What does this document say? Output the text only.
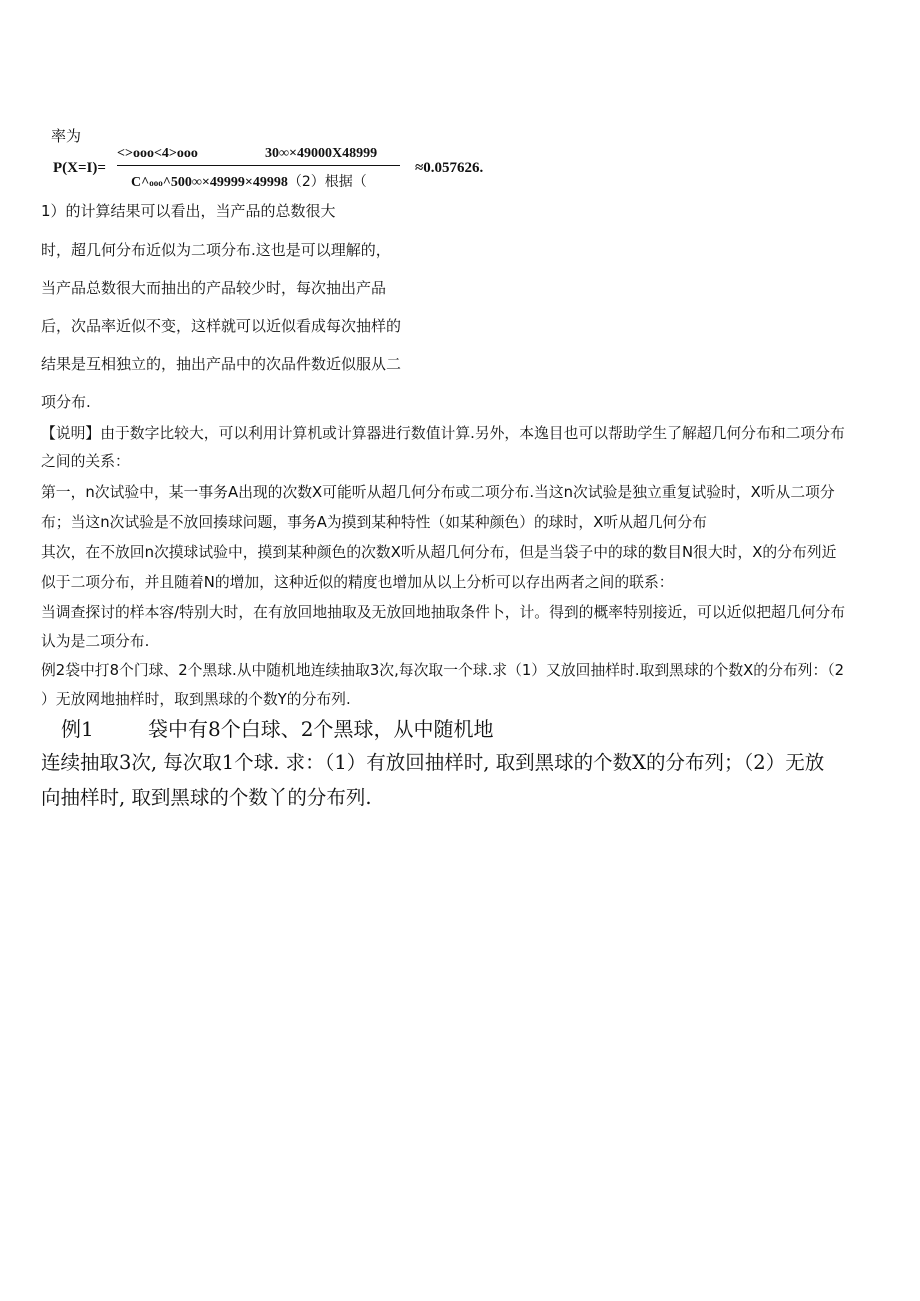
率为
P(X=I)=
<>ooo<4>ooo	30∞×49000X48999
C^ooo^500∞×49999×49998（2）根据（
≈0.057626.
1）的计算结果可以看出，当产品的总数很大
时，超几何分布近似为二项分布.这也是可以理解的，
当产品总数很大而抽出的产品较少时，每次抽出产品
后，次品率近似不变，这样就可以近似看成每次抽样的
结果是互相独立的，抽出产品中的次品件数近似服从二
项分布.
【说明】由于数字比较大，可以利用计算机或计算器进行数值计算.另外，本逸目也可以帮助学生了解超几何分布和二项分布
之间的关系：
第一，n次试验中，某一事务A出现的次数X可能听从超几何分布或二项分布.当这n次试验是独立重复试验时，X听从二项分
布；当这n次试验是不放回揍球问题，事务A为摸到某种特性（如某种颜色）的球时，X听从超几何分布
其次，在不放回n次摸球试验中，摸到某种颜色的次数X听从超几何分布，但是当袋子中的球的数目N很大时，X的分布列近
似于二项分布，并且随着N的增加，这种近似的精度也增加从以上分析可以存出两者之间的联系：
当调查探讨的样本容/特别大时，在有放回地抽取及无放回地抽取条件卜，计。得到的概率特别接近，可以近似把超几何分布
认为是二项分布.
例2袋中打8个门球、2个黑球.从中随机地连续抽取3次,每次取一个球.求（1）又放回抽样时.取到黑球的个数X的分布列：（2
）无放网地抽样时，取到黑球的个数Y的分布列.
例1	袋中有8个白球、2个黑球，从中随机地
连续抽取3次, 每次取1个球. 求：（1）有放回抽样时, 取到黑球的个数X的分布列；（2）无放
向抽样时, 取到黑球的个数丫的分布列.
